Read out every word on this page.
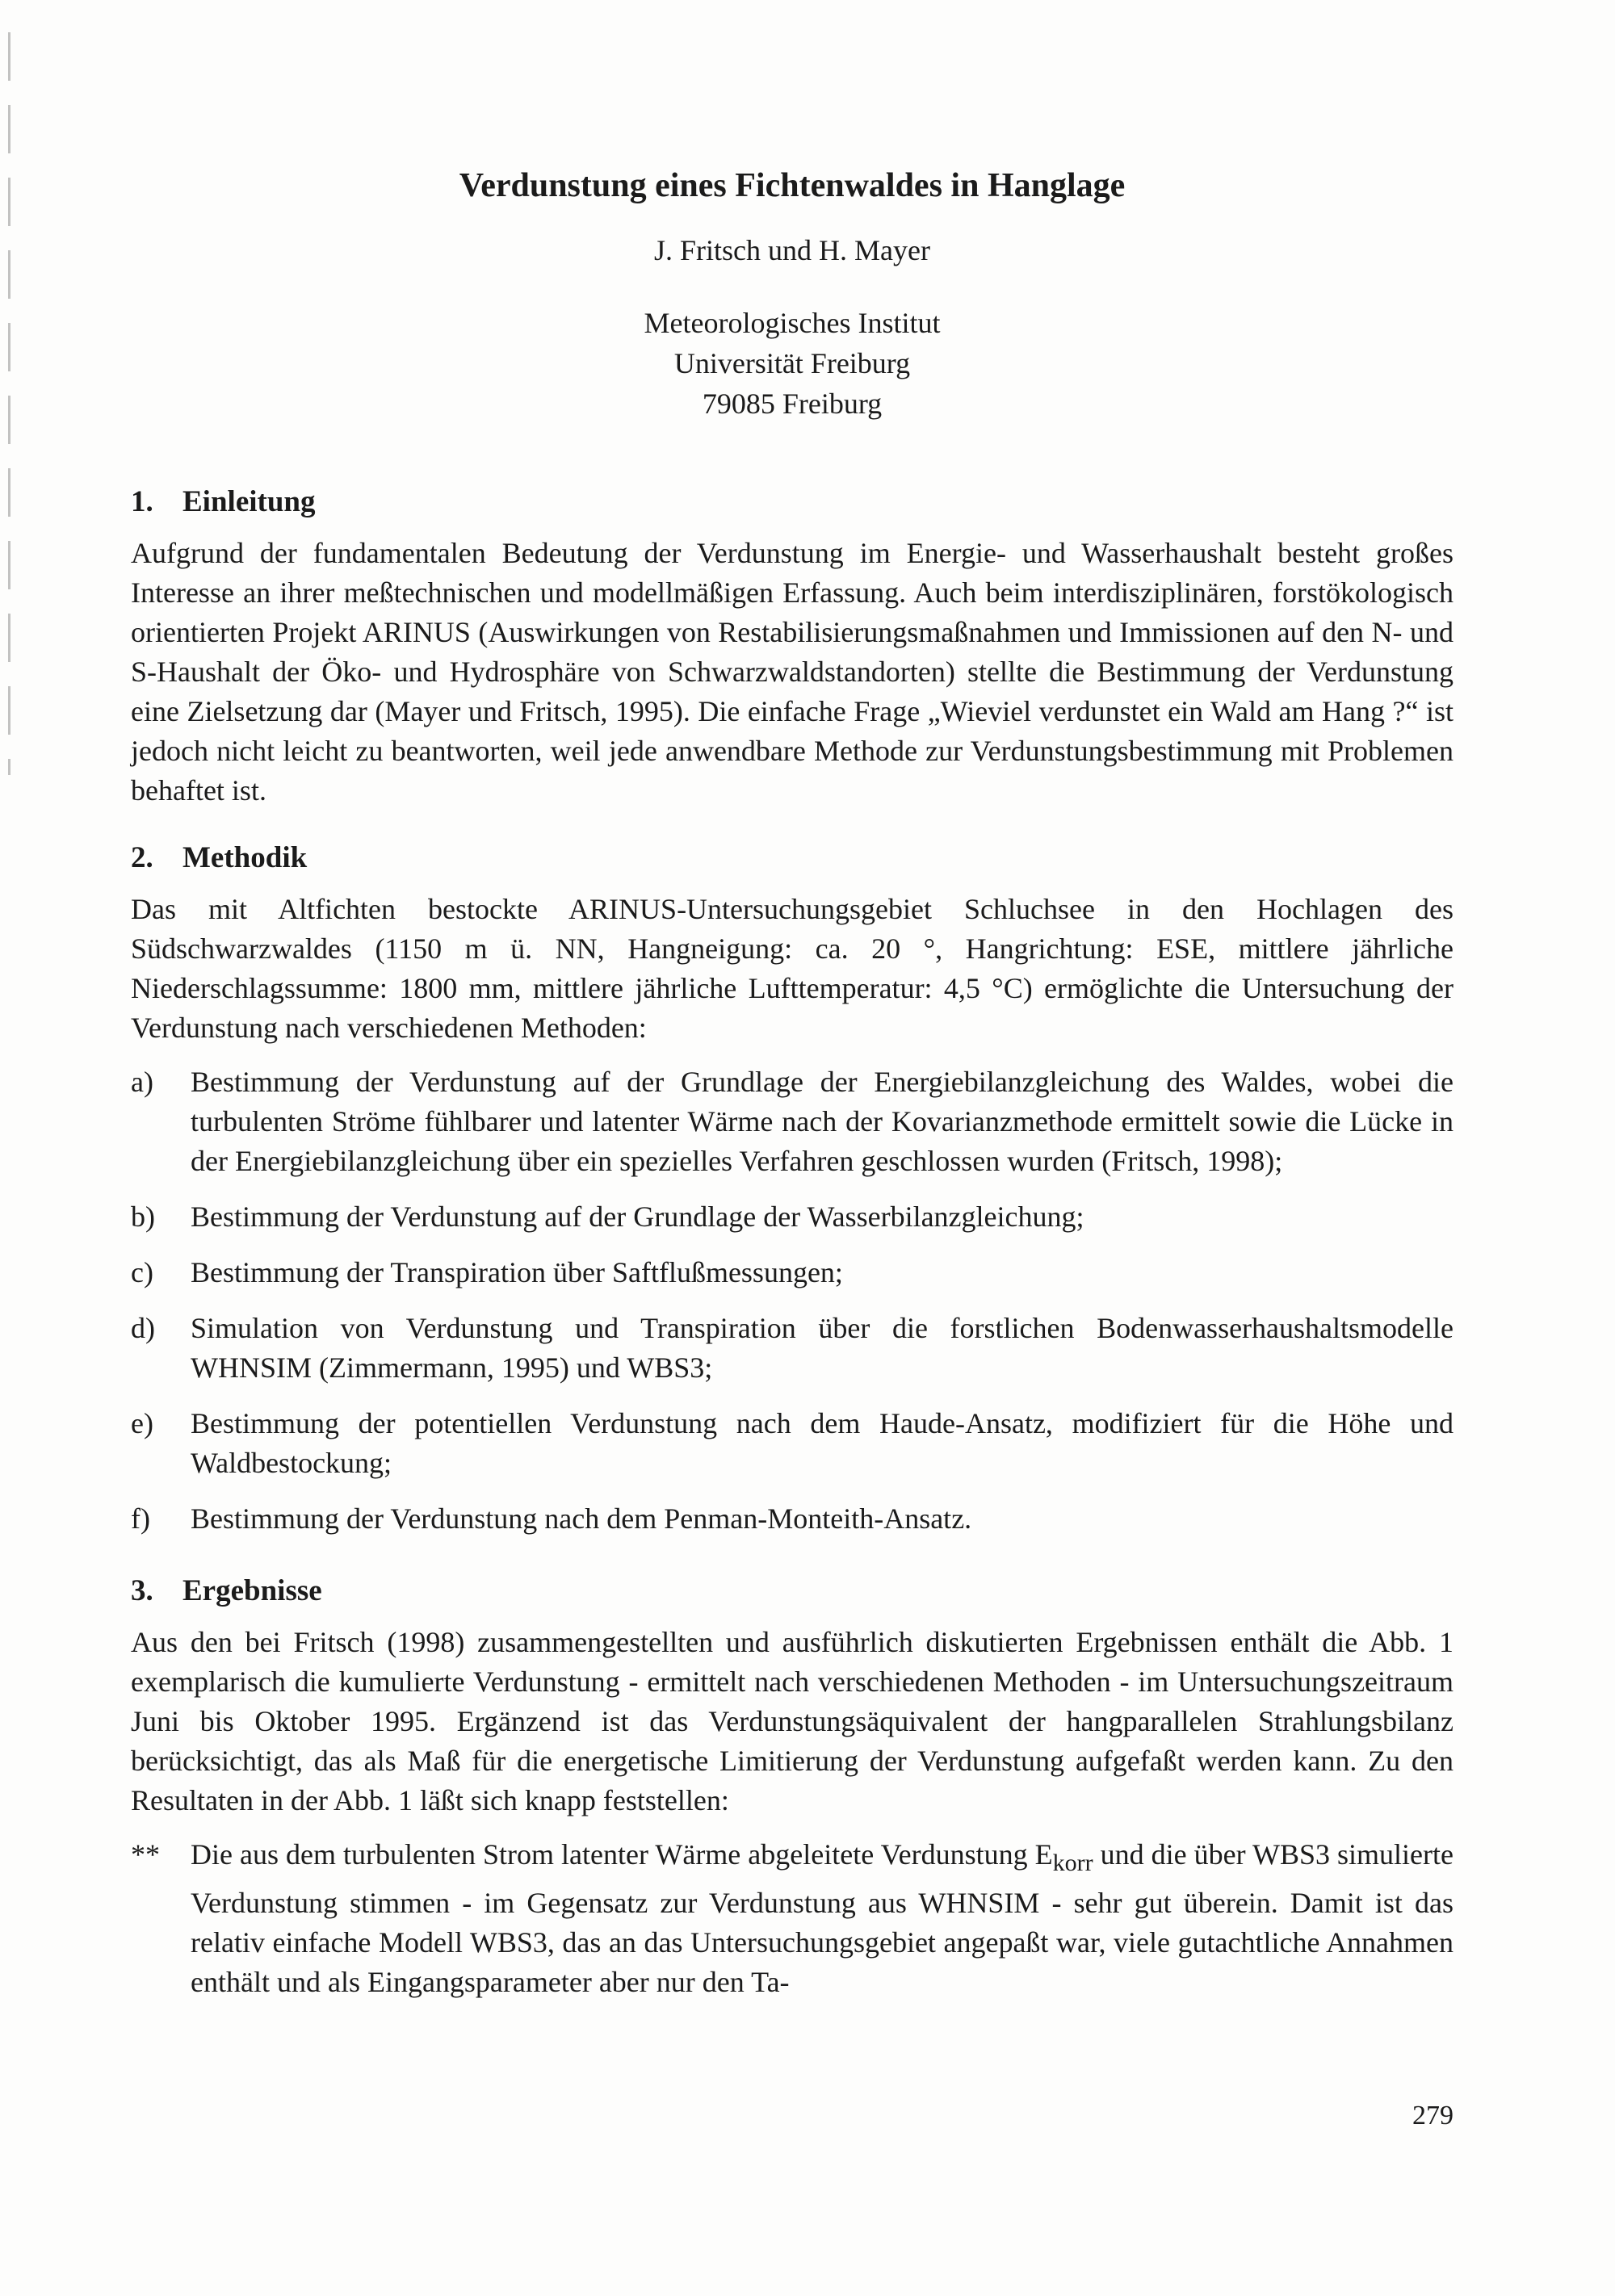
Verdunstung eines Fichtenwaldes in Hanglage
J. Fritsch und H. Mayer
Meteorologisches Institut
Universität Freiburg
79085 Freiburg
1. Einleitung

Aufgrund der fundamentalen Bedeutung der Verdunstung im Energie- und Wasserhaushalt besteht großes Interesse an ihrer meßtechnischen und modellmäßigen Erfassung. Auch beim interdisziplinären, forstökologisch orientierten Projekt ARINUS (Auswirkungen von Restabilisierungsmaßnahmen und Immissionen auf den N- und S-Haushalt der Öko- und Hydrosphäre von Schwarzwaldstandorten) stellte die Bestimmung der Verdunstung eine Zielsetzung dar (Mayer und Fritsch, 1995). Die einfache Frage „Wieviel verdunstet ein Wald am Hang ?“ ist jedoch nicht leicht zu beantworten, weil jede anwendbare Methode zur Verdunstungsbestimmung mit Problemen behaftet ist.

2. Methodik

Das mit Altfichten bestockte ARINUS-Untersuchungsgebiet Schluchsee in den Hochlagen des Südschwarzwaldes (1150 m ü. NN, Hangneigung: ca. 20 °, Hangrichtung: ESE, mittlere jährliche Niederschlagssumme: 1800 mm, mittlere jährliche Lufttemperatur: 4,5 °C) ermöglichte die Untersuchung der Verdunstung nach verschiedenen Methoden:

a)	Bestimmung der Verdunstung auf der Grundlage der Energiebilanzgleichung des Waldes, wobei die turbulenten Ströme fühlbarer und latenter Wärme nach der Kovarianzmethode ermittelt sowie die Lücke in der Energiebilanzgleichung über ein spezielles Verfahren geschlossen wurden (Fritsch, 1998);
b)	Bestimmung der Verdunstung auf der Grundlage der Wasserbilanzgleichung;
c)	Bestimmung der Transpiration über Saftflußmessungen;
d)	Simulation von Verdunstung und Transpiration über die forstlichen Bodenwasserhaushaltsmodelle WHNSIM (Zimmermann, 1995) und WBS3;
e)	Bestimmung der potentiellen Verdunstung nach dem Haude-Ansatz, modifiziert für die Höhe und Waldbestockung;
f)	Bestimmung der Verdunstung nach dem Penman-Monteith-Ansatz.
3. Ergebnisse

Aus den bei Fritsch (1998) zusammengestellten und ausführlich diskutierten Ergebnissen enthält die Abb. 1 exemplarisch die kumulierte Verdunstung - ermittelt nach verschiedenen Methoden - im Untersuchungszeitraum Juni bis Oktober 1995. Ergänzend ist das Verdunstungsäquivalent der hangparallelen Strahlungsbilanz berücksichtigt, das als Maß für die energetische Limitierung der Verdunstung aufgefaßt werden kann. Zu den Resultaten in der Abb. 1 läßt sich knapp feststellen:

**	Die aus dem turbulenten Strom latenter Wärme abgeleitete Verdunstung $E_{korr}$ und die über WBS3 simulierte Verdunstung stimmen - im Gegensatz zur Verdunstung aus WHNSIM - sehr gut überein. Damit ist das relativ einfache Modell WBS3, das an das Untersuchungsgebiet angepaßt war, viele gutachtliche Annahmen enthält und als Eingangsparameter aber nur den Ta-
279
